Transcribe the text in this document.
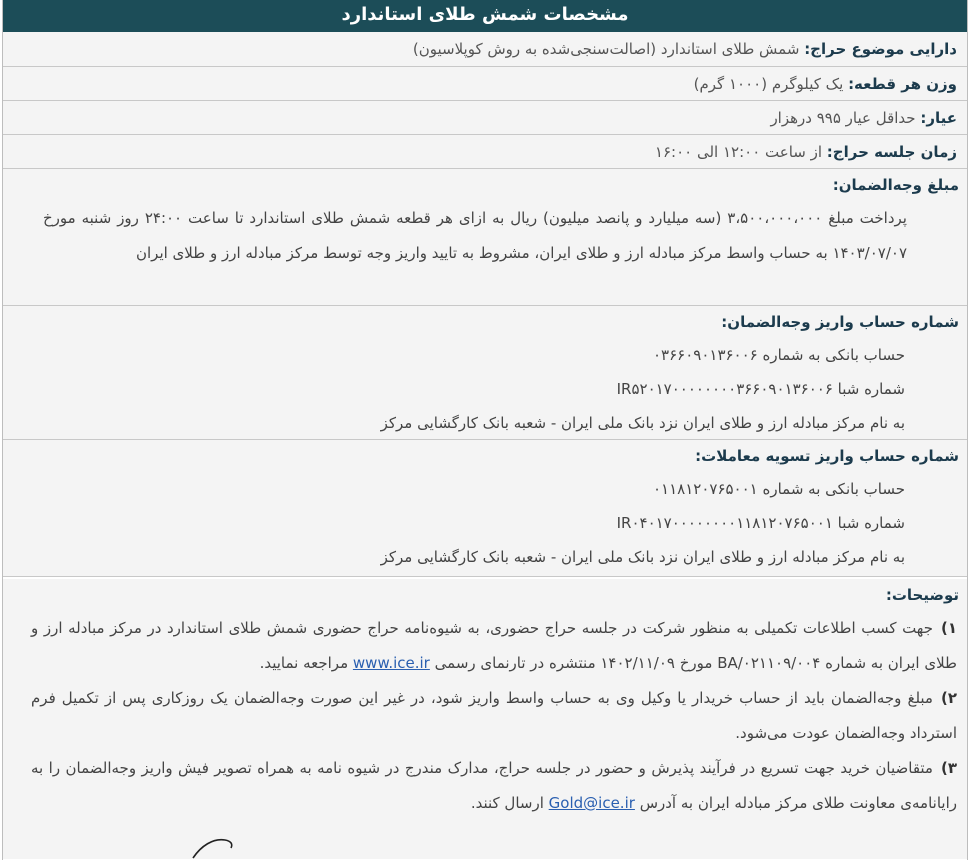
مشخصات شمش طلای استاندارد
دارایی موضوع حراج:

شمش طلای استاندارد (اصالت‌سنجی‌شده به روش کوپلاسیون)
وزن هر قطعه:

یک کیلوگرم (۱۰۰۰ گرم)
عیار:

حداقل عیار ۹۹۵ درهزار
زمان جلسه حراج:

از ساعت ۱۲:۰۰ الی ۱۶:۰۰
مبلغ وجه‌الضمان:
پرداخت مبلغ ۳،۵۰۰،۰۰۰،۰۰۰ (سه میلیارد و پانصد میلیون) ریال به ازای هر قطعه شمش طلای استاندارد تا ساعت ۲۴:۰۰ روز شنبه مورخ ۱۴۰۳/۰۷/۰۷ به حساب واسط مرکز مبادله ارز و طلای ایران، مشروط به تایید واریز وجه توسط مرکز مبادله ارز و طلای ایران
شماره حساب واریز وجه‌الضمان:
حساب بانکی به شماره ۰۳۶۶۰۹۰۱۳۶۰۰۶
شماره شبا IR۵۲۰۱۷۰۰۰۰۰۰۰۰۳۶۶۰۹۰۱۳۶۰۰۶
به نام مرکز مبادله ارز و طلای ایران نزد بانک ملی ایران - شعبه بانک کارگشایی مرکز
شماره حساب واریز تسویه معاملات:
حساب بانکی به شماره ۰۱۱۸۱۲۰۷۶۵۰۰۱
شماره شبا IR۰۴۰۱۷۰۰۰۰۰۰۰۰۱۱۸۱۲۰۷۶۵۰۰۱
به نام مرکز مبادله ارز و طلای ایران نزد بانک ملی ایران - شعبه بانک کارگشایی مرکز
توضیحات:
۱)جهت کسب اطلاعات تکمیلی به منظور شرکت در جلسه حراج حضوری، به شیوه‌نامه حراج حضوری شمش طلای استاندارد در مرکز مبادله ارز و طلای ایران به شماره BA/۰۲۱۱۰۹/۰۰۴ مورخ ۱۴۰۲/۱۱/۰۹ منتشره در تارنمای رسمی www.ice.ir مراجعه نمایید.
۲)مبلغ وجه‌الضمان باید از حساب خریدار یا وکیل وی به حساب واسط واریز شود، در غیر این صورت وجه‌الضمان یک روزکاری پس از تکمیل فرم استرداد وجه‌الضمان عودت می‌شود.
۳)متقاضیان خرید جهت تسریع در فرآیند پذیرش و حضور در جلسه حراج، مدارک مندرج در شیوه نامه به همراه تصویر فیش واریز وجه‌الضمان را به رایانامه‌ی معاونت طلای مرکز مبادله ایران به آدرس Gold@ice.ir ارسال کنند.
